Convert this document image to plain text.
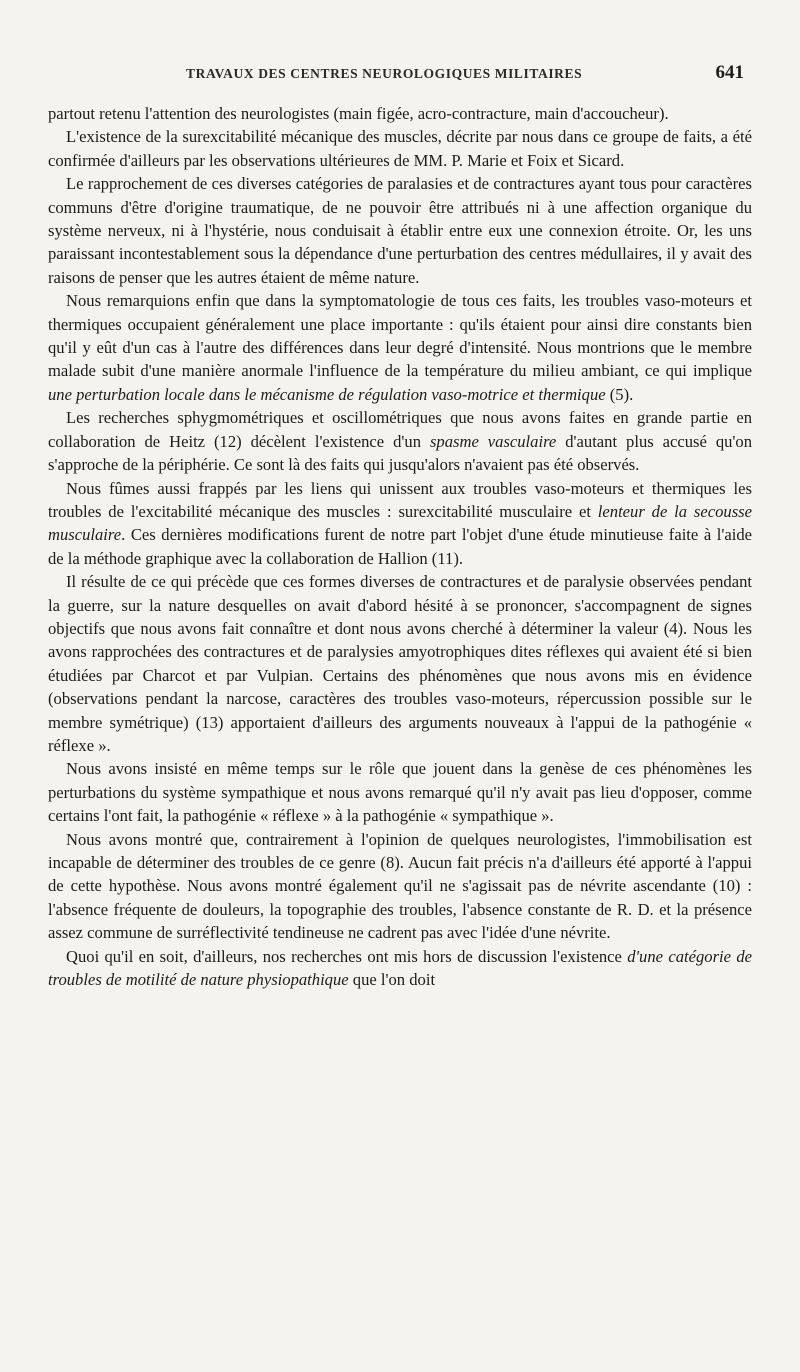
TRAVAUX DES CENTRES NEUROLOGIQUES MILITAIRES	641

partout retenu l'attention des neurologistes (main figée, acro-contracture, main d'accoucheur).

L'existence de la surexcitabilité mécanique des muscles, décrite par nous dans ce groupe de faits, a été confirmée d'ailleurs par les observations ultérieures de MM. P. Marie et Foix et Sicard.

Le rapprochement de ces diverses catégories de paralasies et de contractures ayant tous pour caractères communs d'être d'origine traumatique, de ne pouvoir être attribués ni à une affection organique du système nerveux, ni à l'hystérie, nous conduisait à établir entre eux une connexion étroite. Or, les uns paraissant incontestablement sous la dépendance d'une perturbation des centres médullaires, il y avait des raisons de penser que les autres étaient de même nature.

Nous remarquions enfin que dans la symptomatologie de tous ces faits, les troubles vaso-moteurs et thermiques occupaient généralement une place importante : qu'ils étaient pour ainsi dire constants bien qu'il y eût d'un cas à l'autre des différences dans leur degré d'intensité. Nous montrions que le membre malade subit d'une manière anormale l'influence de la température du milieu ambiant, ce qui implique une perturbation locale dans le mécanisme de régulation vaso-motrice et thermique (5).

Les recherches sphygmométriques et oscillométriques que nous avons faites en grande partie en collaboration de Heitz (12) décèlent l'existence d'un spasme vasculaire d'autant plus accusé qu'on s'approche de la périphérie. Ce sont là des faits qui jusqu'alors n'avaient pas été observés.

Nous fûmes aussi frappés par les liens qui unissent aux troubles vaso-moteurs et thermiques les troubles de l'excitabilité mécanique des muscles : surexcitabilité musculaire et lenteur de la secousse musculaire. Ces dernières modifications furent de notre part l'objet d'une étude minutieuse faite à l'aide de la méthode graphique avec la collaboration de Hallion (11).

Il résulte de ce qui précède que ces formes diverses de contractures et de paralysie observées pendant la guerre, sur la nature desquelles on avait d'abord hésité à se prononcer, s'accompagnent de signes objectifs que nous avons fait connaître et dont nous avons cherché à déterminer la valeur (4). Nous les avons rapprochées des contractures et de paralysies amyotrophiques dites réflexes qui avaient été si bien étudiées par Charcot et par Vulpian. Certains des phénomènes que nous avons mis en évidence (observations pendant la narcose, caractères des troubles vaso-moteurs, répercussion possible sur le membre symétrique) (13) apportaient d'ailleurs des arguments nouveaux à l'appui de la pathogénie « réflexe ».

Nous avons insisté en même temps sur le rôle que jouent dans la genèse de ces phénomènes les perturbations du système sympathique et nous avons remarqué qu'il n'y avait pas lieu d'opposer, comme certains l'ont fait, la pathogénie « réflexe » à la pathogénie « sympathique ».

Nous avons montré que, contrairement à l'opinion de quelques neurologistes, l'immobilisation est incapable de déterminer des troubles de ce genre (8). Aucun fait précis n'a d'ailleurs été apporté à l'appui de cette hypothèse. Nous avons montré également qu'il ne s'agissait pas de névrite ascendante (10) : l'absence fréquente de douleurs, la topographie des troubles, l'absence constante de R. D. et la présence assez commune de surréflectivité tendineuse ne cadrent pas avec l'idée d'une névrite.

Quoi qu'il en soit, d'ailleurs, nos recherches ont mis hors de discussion l'existence d'une catégorie de troubles de motilité de nature physiopathique que l'on doit
